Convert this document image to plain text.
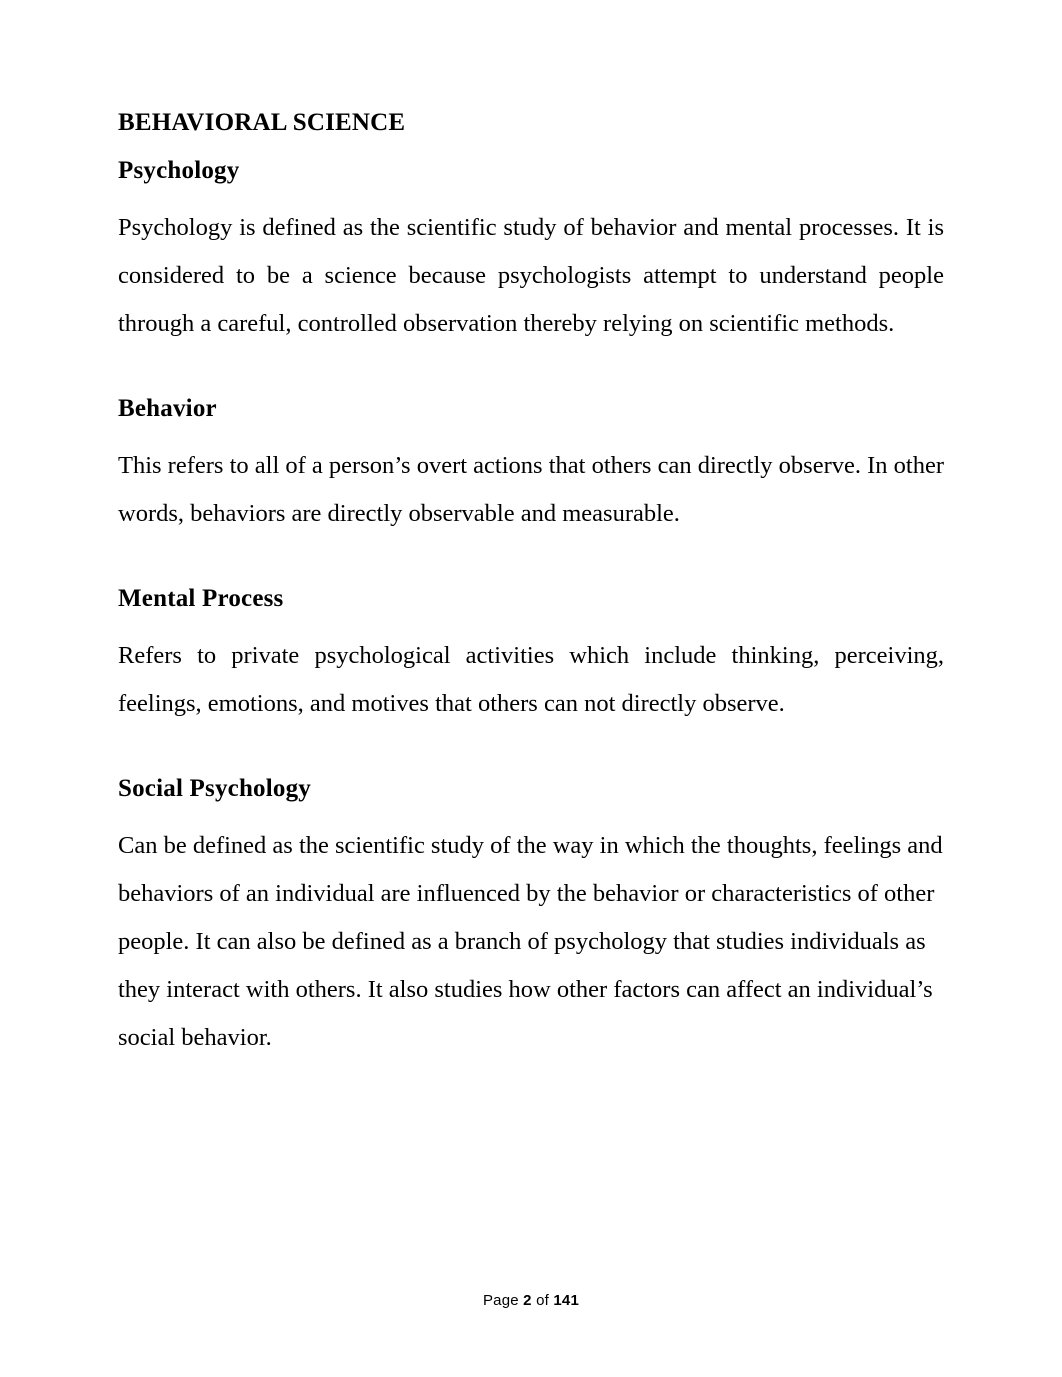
BEHAVIORAL SCIENCE
Psychology

Psychology is defined as the scientific study of behavior and mental processes. It is considered to be a science because psychologists attempt to understand people through a careful, controlled observation thereby relying on scientific methods.

Behavior

This refers to all of a person’s overt actions that others can directly observe. In other words, behaviors are directly observable and measurable.

Mental Process

Refers to private psychological activities which include thinking, perceiving, feelings, emotions, and motives that others can not directly observe.

Social Psychology

Can be defined as the scientific study of the way in which the thoughts, feelings and behaviors of an individual are influenced by the behavior or characteristics of other people. It can also be defined as a branch of psychology that studies individuals as they interact with others. It also studies how other factors can affect an individual’s social behavior.

Page 2 of 141
